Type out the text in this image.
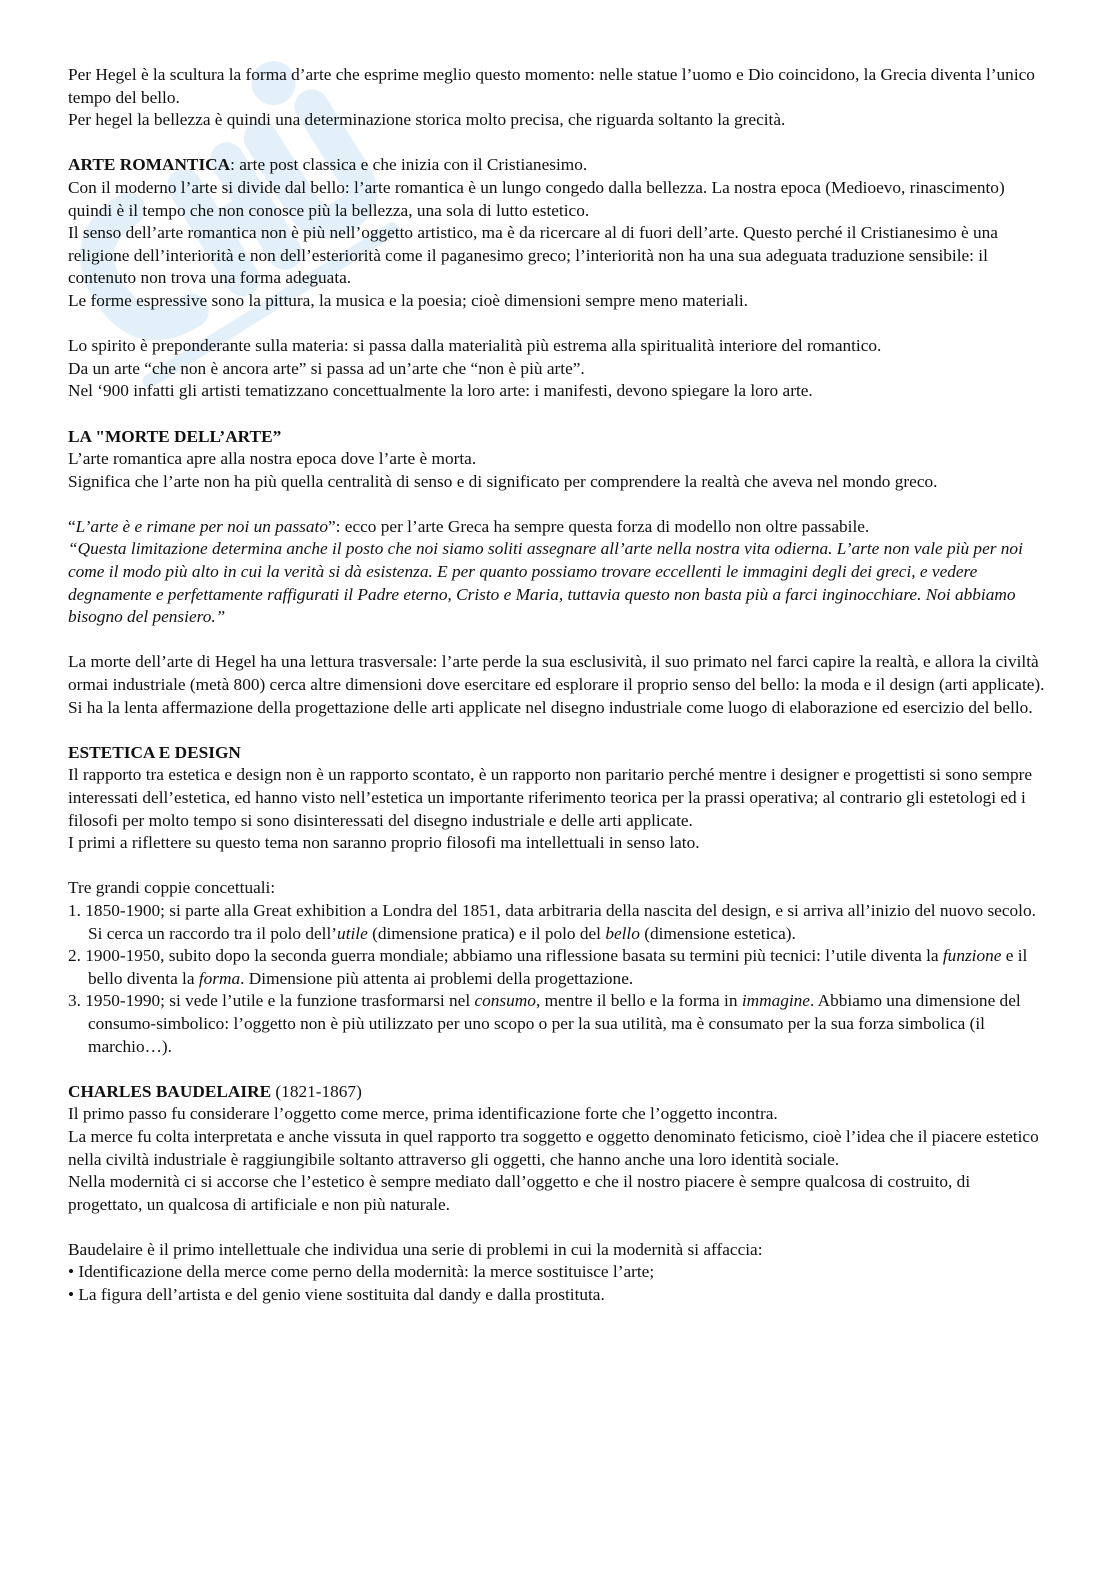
Per Hegel è la scultura la forma d’arte che esprime meglio questo momento: nelle statue l’uomo e Dio coincidono, la Grecia diventa l’unico tempo del bello.

Per hegel la bellezza è quindi una determinazione storica molto precisa, che riguarda soltanto la grecità.

ARTE ROMANTICA: arte post classica e che inizia con il Cristianesimo.

Con il moderno l’arte si divide dal bello: l’arte romantica è un lungo congedo dalla bellezza. La nostra epoca (Medioevo, rinascimento) quindi è il tempo che non conosce più la bellezza, una sola di lutto estetico.

Il senso dell’arte romantica non è più nell’oggetto artistico, ma è da ricercare al di fuori dell’arte. Questo perché il Cristianesimo è una religione dell’interiorità e non dell’esteriorità come il paganesimo greco; l’interiorità non ha una sua adeguata traduzione sensibile: il contenuto non trova una forma adeguata.

Le forme espressive sono la pittura, la musica e la poesia; cioè dimensioni sempre meno materiali.

Lo spirito è preponderante sulla materia: si passa dalla materialità più estrema alla spiritualità interiore del romantico.

Da un arte “che non è ancora arte” si passa ad un’arte che “non è più arte”.

Nel ‘900 infatti gli artisti tematizzano concettualmente la loro arte: i manifesti, devono spiegare la loro arte.

LA "MORTE DELL’ARTE”

L’arte romantica apre alla nostra epoca dove l’arte è morta.

Significa che l’arte non ha più quella centralità di senso e di significato per comprendere la realtà che aveva nel mondo greco.

“L’arte è e rimane per noi un passato”: ecco per l’arte Greca ha sempre questa forza di modello non oltre passabile.

“Questa limitazione determina anche il posto che noi siamo soliti assegnare all’arte nella nostra vita odierna. L’arte non vale più per noi come il modo più alto in cui la verità si dà esistenza. E per quanto possiamo trovare eccellenti le immagini degli dei greci, e vedere degnamente e perfettamente raffigurati il Padre eterno, Cristo e Maria, tuttavia questo non basta più a farci inginocchiare. Noi abbiamo bisogno del pensiero.”

La morte dell’arte di Hegel ha una lettura trasversale: l’arte perde la sua esclusività, il suo primato nel farci capire la realtà, e allora la civiltà ormai industriale (metà 800) cerca altre dimensioni dove esercitare ed esplorare il proprio senso del bello: la moda e il design (arti applicate).

Si ha la lenta affermazione della progettazione delle arti applicate nel disegno industriale come luogo di elaborazione ed esercizio del bello.

ESTETICA E DESIGN

Il rapporto tra estetica e design non è un rapporto scontato, è un rapporto non paritario perché mentre i designer e progettisti si sono sempre interessati dell’estetica, ed hanno visto nell’estetica un importante riferimento teorica per la prassi operativa; al contrario gli estetologi ed i filosofi per molto tempo si sono disinteressati del disegno industriale e delle arti applicate.

I primi a riflettere su questo tema non saranno proprio filosofi ma intellettuali in senso lato.

Tre grandi coppie concettuali:

1. 1850-1900; si parte alla Great exhibition a Londra del 1851, data arbitraria della nascita del design, e si arriva all’inizio del nuovo secolo. Si cerca un raccordo tra il polo dell’utile (dimensione pratica) e il polo del bello (dimensione estetica).
2. 1900-1950, subito dopo la seconda guerra mondiale; abbiamo una riflessione basata su termini più tecnici: l’utile diventa la funzione e il bello diventa la forma. Dimensione più attenta ai problemi della progettazione.
3. 1950-1990; si vede l’utile e la funzione trasformarsi nel consumo, mentre il bello e la forma in immagine. Abbiamo una dimensione del consumo-simbolico: l’oggetto non è più utilizzato per uno scopo o per la sua utilità, ma è consumato per la sua forza simbolica (il marchio…).

CHARLES BAUDELAIRE (1821-1867)

Il primo passo fu considerare l’oggetto come merce, prima identificazione forte che l’oggetto incontra.

La merce fu colta interpretata e anche vissuta in quel rapporto tra soggetto e oggetto denominato feticismo, cioè l’idea che il piacere estetico nella civiltà industriale è raggiungibile soltanto attraverso gli oggetti, che hanno anche una loro identità sociale.

Nella modernità ci si accorse che l’estetico è sempre mediato dall’oggetto e che il nostro piacere è sempre qualcosa di costruito, di progettato, un qualcosa di artificiale e non più naturale.

Baudelaire è il primo intellettuale che individua una serie di problemi in cui la modernità si affaccia:

• Identificazione della merce come perno della modernità: la merce sostituisce l’arte;
• La figura dell’artista e del genio viene sostituita dal dandy e dalla prostituta.
